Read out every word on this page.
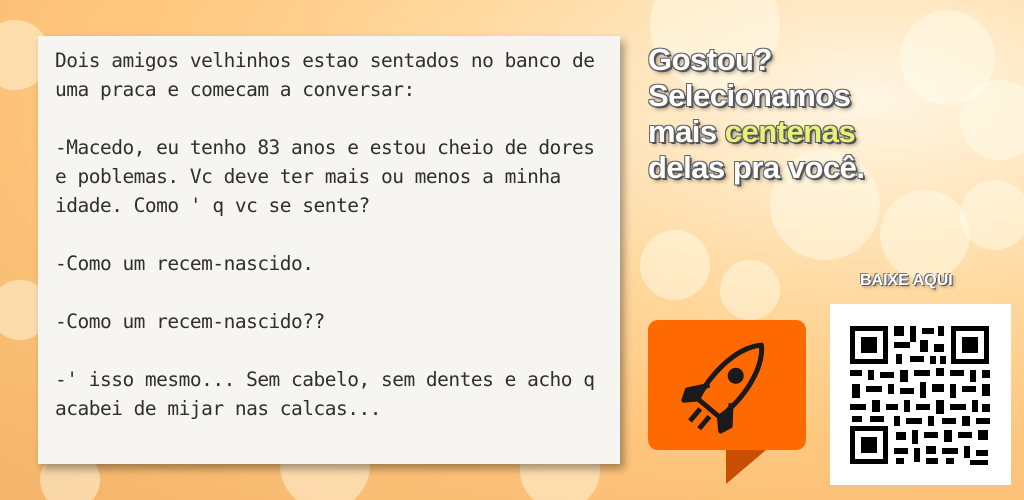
Dois amigos velhinhos estao sentados no banco de uma praca e comecam a conversar:

-Macedo, eu tenho 83 anos e estou cheio de dores e poblemas. Vc deve ter mais ou menos a minha idade. Como ' q vc se sente?

-Como um recem-nascido.

-Como um recem-nascido??

-' isso mesmo... Sem cabelo, sem dentes e acho q acabei de mijar nas calcas...
Gostou?
Selecionamos
mais centenas
delas pra você.
BAIXE AQUI
